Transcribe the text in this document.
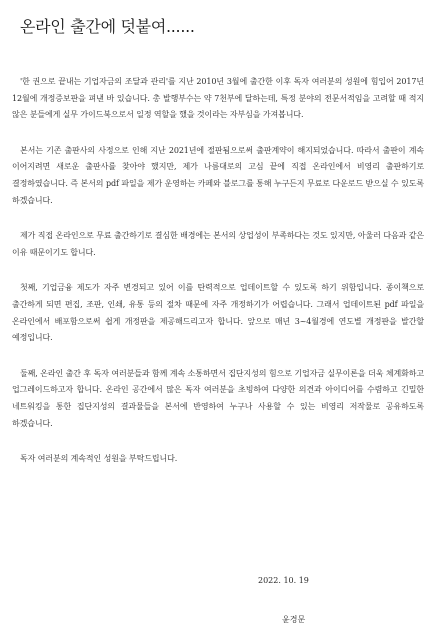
온라인 출간에 덧붙여......

'한 권으로 끝내는 기업자금의 조달과 관리'를 지난 2010년 3월에 출간한 이후 독자 여러분의 성원에 힘입어 2017년 12월에 개정증보판을 펴낸 바 있습니다. 총 발행부수는 약 7천부에 달하는데, 특정 분야의 전문서적임을 고려할 때 적지 않은 분들에게 실무 가이드북으로서 일정 역할을 했을 것이라는 자부심을 가져봅니다.

본서는 기존 출판사의 사정으로 인해 지난 2021년에 절판됨으로써 출판계약이 해지되었습니다. 따라서 출판이 계속 이어지려면 새로운 출판사를 찾아야 했지만, 제가 나름대로의 고심 끝에 직접 온라인에서 비영리 출판하기로 결정하였습니다. 즉 본서의 pdf 파일을 제가 운영하는 카페와 블로그를 통해 누구든지 무료로 다운로드 받으실 수 있도록 하겠습니다.

제가 직접 온라인으로 무료 출간하기로 결심한 배경에는 본서의 상업성이 부족하다는 것도 있지만, 아울러 다음과 같은 이유 때문이기도 합니다.

첫째, 기업금융 제도가 자주 변경되고 있어 이를 탄력적으로 업데이트할 수 있도록 하기 위함입니다. 종이책으로 출간하게 되면 편집, 조판, 인쇄, 유통 등의 절차 때문에 자주 개정하기가 어렵습니다. 그래서 업데이트된 pdf 파일을 온라인에서 배포함으로써 쉽게 개정판을 제공해드리고자 합니다. 앞으로 매년 3~4월경에 연도별 개정판을 발간할 예정입니다.

둘째, 온라인 출간 후 독자 여러분들과 함께 계속 소통하면서 집단지성의 힘으로 기업자금 실무이론을 더욱 체계화하고 업그레이드하고자 합니다. 온라인 공간에서 많은 독자 여러분을 초빙하여 다양한 의견과 아이디어를 수렴하고 긴밀한 네트워킹을 통한 집단지성의 결과물들을 본서에 반영하여 누구나 사용할 수 있는 비영리 저작물로 공유하도록 하겠습니다.

독자 여러분의 계속적인 성원을 부탁드립니다.

2022. 10. 19
윤경문
